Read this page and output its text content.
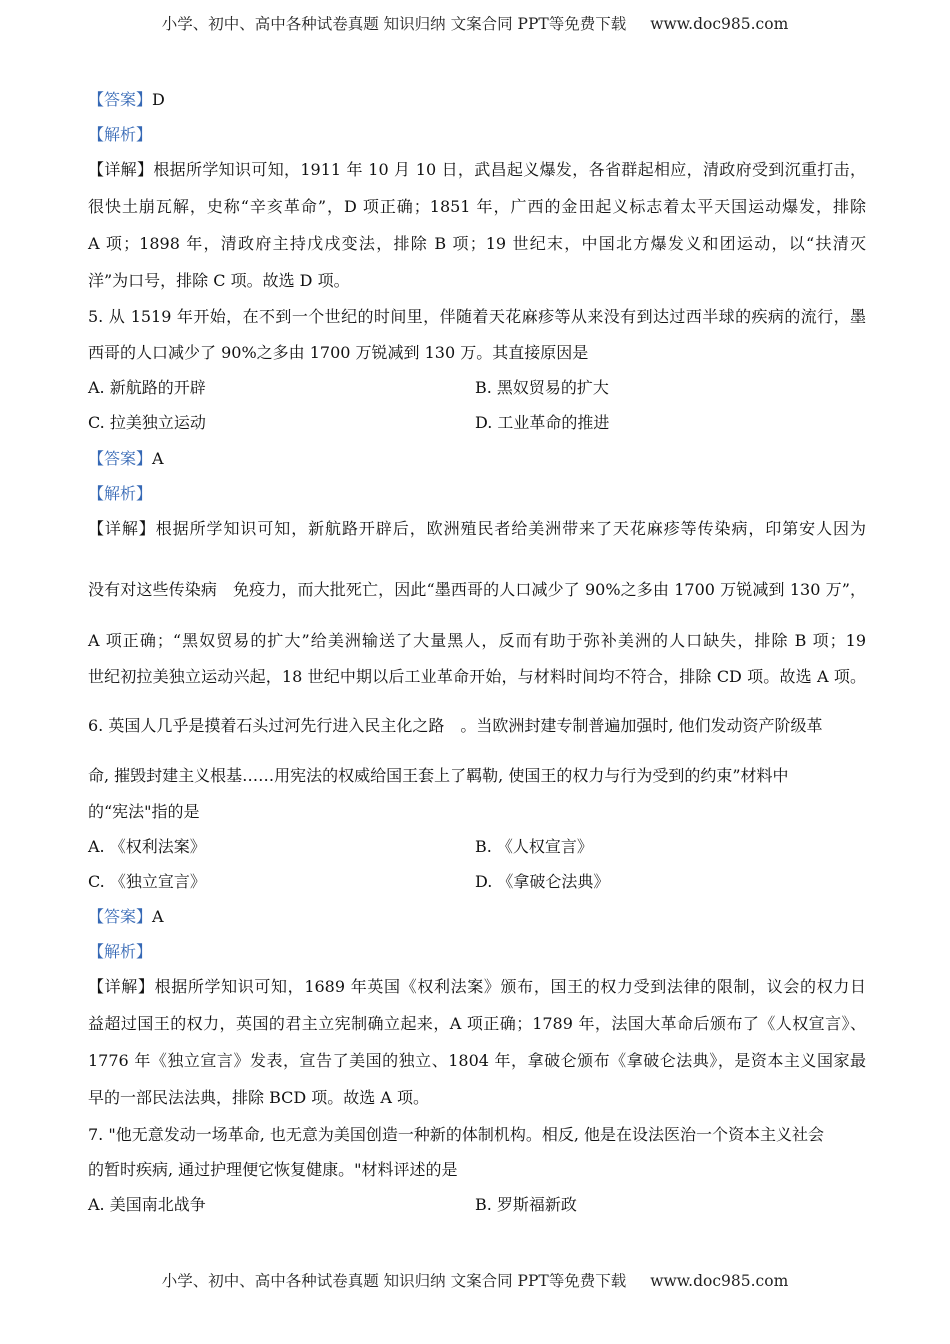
小学、初中、高中各种试卷真题 知识归纳 文案合同 PPT等免费下载 www.doc985.com
【答案】D
【解析】
【详解】根据所学知识可知，1911 年 10 月 10 日，武昌起义爆发，各省群起相应，清政府受到沉重打击，
很快土崩瓦解，史称“辛亥革命”，D 项正确；1851 年，广西的金田起义标志着太平天国运动爆发，排除
A 项；1898 年，清政府主持戊戌变法，排除 B 项；19 世纪末，中国北方爆发义和团运动，以“扶清灭
洋”为口号，排除 C 项。故选 D 项。
5. 从 1519 年开始，在不到一个世纪的时间里，伴随着天花麻疹等从来没有到达过西半球的疾病的流行，墨
西哥的人口减少了 90%之多由 1700 万锐减到 130 万。其直接原因是
A. 新航路的开辟	B. 黑奴贸易的扩大
C. 拉美独立运动	D. 工业革命的推进
【答案】A
【解析】
【详解】根据所学知识可知，新航路开辟后，欧洲殖民者给美洲带来了天花麻疹等传染病，印第安人因为
没有对这些传染病　免疫力，而大批死亡，因此“墨西哥的人口减少了 90%之多由 1700 万锐减到 130 万”，
A 项正确；“黑奴贸易的扩大”给美洲输送了大量黑人，反而有助于弥补美洲的人口缺失，排除 B 项；19
世纪初拉美独立运动兴起，18 世纪中期以后工业革命开始，与材料时间均不符合，排除 CD 项。故选 A 项。
6. 英国人几乎是摸着石头过河先行进入民主化之路　。当欧洲封建专制普遍加强时, 他们发动资产阶级革
命, 摧毁封建主义根基……用宪法的权威给国王套上了羁勒, 使国王的权力与行为受到的约束”材料中
的“宪法"指的是
A. 《权利法案》	B. 《人权宣言》
C. 《独立宣言》	D. 《拿破仑法典》
【答案】A
【解析】
【详解】根据所学知识可知，1689 年英国《权利法案》颁布，国王的权力受到法律的限制，议会的权力日
益超过国王的权力，英国的君主立宪制确立起来，A 项正确；1789 年，法国大革命后颁布了《人权宣言》、
1776 年《独立宣言》发表，宣告了美国的独立、1804 年，拿破仑颁布《拿破仑法典》，是资本主义国家最
早的一部民法法典，排除 BCD 项。故选 A 项。
7. "他无意发动一场革命, 也无意为美国创造一种新的体制机构。相反, 他是在设法医治一个资本主义社会
的暂时疾病, 通过护理便它恢复健康。"材料评述的是
A. 美国南北战争	B. 罗斯福新政
小学、初中、高中各种试卷真题 知识归纳 文案合同 PPT等免费下载 www.doc985.com
